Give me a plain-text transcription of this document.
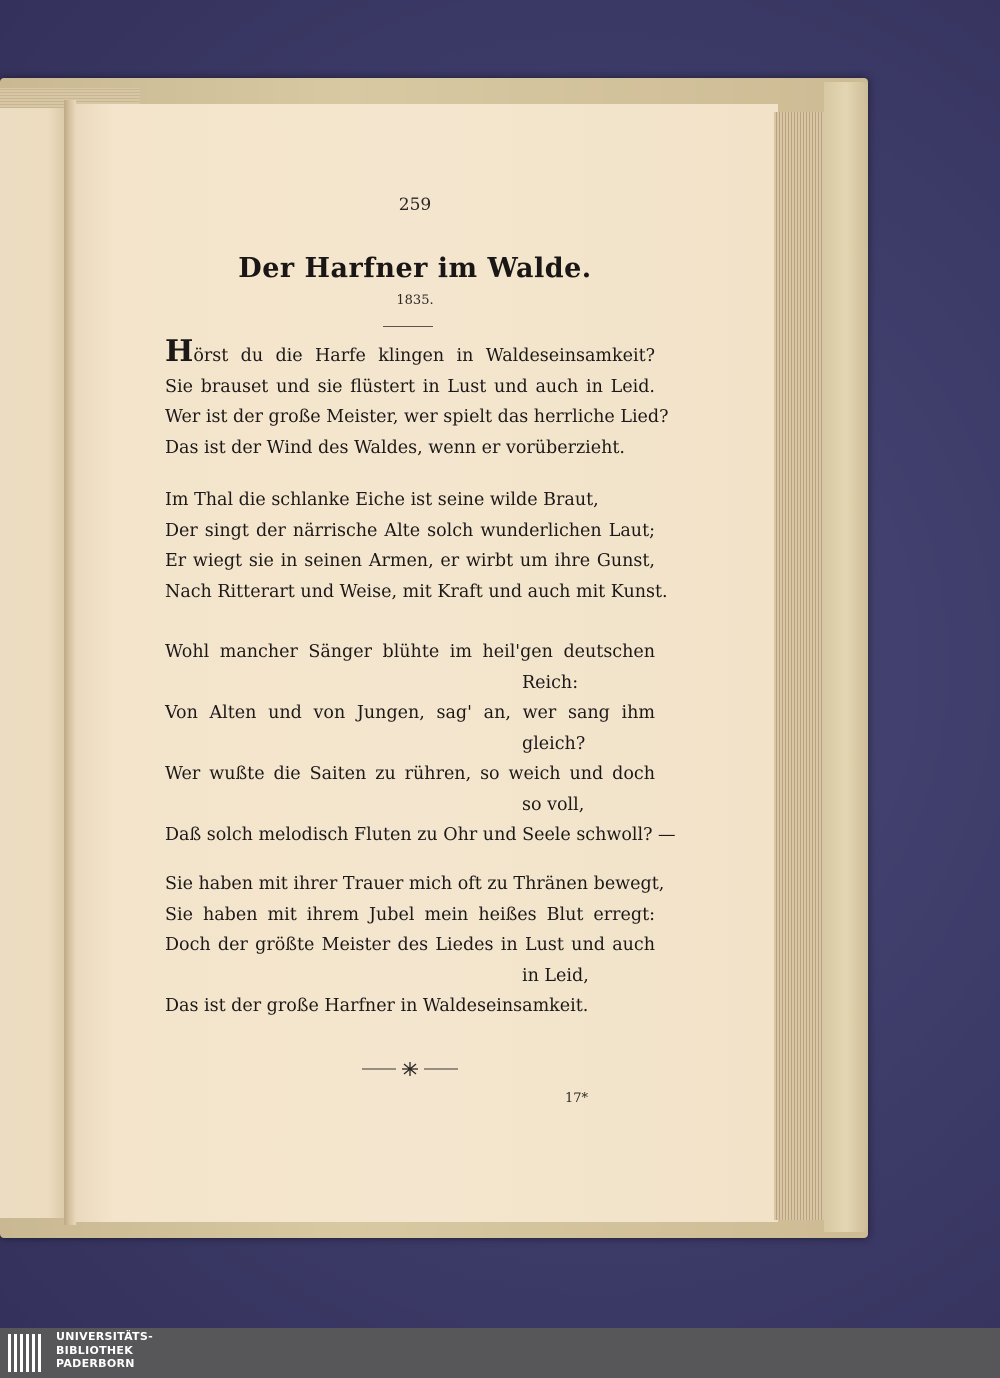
259
Der Harfner im Walde.
1835.
Hörst du die Harfe klingen in Waldeseinsamkeit?
Sie brauset und sie flüstert in Lust und auch in Leid.
Wer ist der große Meister, wer spielt das herrliche Lied?
Das ist der Wind des Waldes, wenn er vorüberzieht.
Im Thal die schlanke Eiche ist seine wilde Braut,
Der singt der närrische Alte solch wunderlichen Laut;
Er wiegt sie in seinen Armen, er wirbt um ihre Gunst,
Nach Ritterart und Weise, mit Kraft und auch mit Kunst.
Wohl mancher Sänger blühte im heil'gen deutschen
Reich:
Von Alten und von Jungen, sag' an, wer sang ihm
gleich?
Wer wußte die Saiten zu rühren, so weich und doch
so voll,
Daß solch melodisch Fluten zu Ohr und Seele schwoll? —
Sie haben mit ihrer Trauer mich oft zu Thränen bewegt,
Sie haben mit ihrem Jubel mein heißes Blut erregt:
Doch der größte Meister des Liedes in Lust und auch
in Leid,
Das ist der große Harfner in Waldeseinsamkeit.
17*
UNIVERSITÄTS-
BIBLIOTHEK
PADERBORN
